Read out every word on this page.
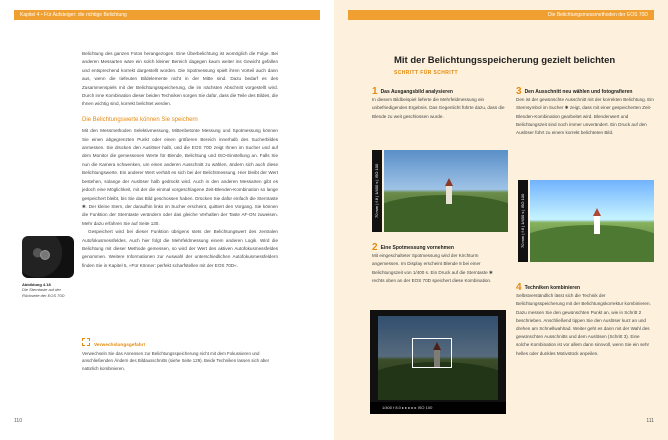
Kapitel 4 • Für Aufsteiger: die richtige Belichtung

Belichtung des ganzen Fotos herangezogen. Eine Überbelichtung ist womöglich die Folge. Bei anderen Messarten wäre ein solch kleiner Bereich dagegen kaum weiter ins Gewicht gefallen und entsprechend korrekt dargestellt worden. Die Spotmessung spielt ihren Vorteil auch dann aus, wenn die tiefeuten Bildelemente nicht in der Mitte sind. Dazu bedarf es des Zusammenspiels mit der Belichtungsspeicherung, die im nächsten Abschnitt vorgestellt wird. Durch inne Kombination dieser beiden Techniken sorgen Sie dafür, dass die Teile des Bildes, die Ihnen wichtig sind, korrekt belichtet werden.

Die Belichtungswerte können Sie speichern

Mit den Messmethoden Selektivmessung, Mittenbetonte Messung und Spotmessung können Sie einen abgegrenzten Punkt oder einen größeren Bereich innerhalb des Sucherbildes anmessen. Sie drücken den Auslöser halb, und die EOS 70D zeigt Ihnen im Sucher und auf dem Monitor die gemessenen Werte für Blende, Belichtung und ISO-Einstellung an. Falls Sie nun die Kamera schwenken, um einen anderen Ausschnitt zu wählen, ändern sich auch diese Belichtungswerte. Ein anderer Wert verhält es sich bei der Belichtmessung. Hier bleibt der Wert bestehen, solange der Auslöser halb gedrückt wird. Auch in den anderen Messarten gibt es jedoch eine Möglichkeit, mit der die einmal vorgeschlagene Zeit-Blenden-Kombination so lange gespeichert bleibt, bis Sie das Bild geschossen haben. Drücken Sie dafür einfach die Sterntaste ✱. Der kleine Stern, der daraufhin links im Sucher erscheint, quittiert den Vorgang. Sie können die Funktion der Sterntaste verändern oder das gleiche Verhalten der Taste AF-ON zuweisen. Mehr dazu erfahren Sie auf Seite 130.

Gespeichert wird bei dieser Funktion übrigens stets der Belichtungswert des zentralen Autofokusmessfeldes. Auch hier folgt die Mehrfeldmessung einem anderen Logik. Wird die Belichtung mit dieser Methode gemessen, so wird der Wert des aktiven Autofokusmessfeldes genommen. Weitere Informationen zur Auswahl der unterschiedlichen Autofokusmessfeldern finden Sie in Kapitel 5, »Für Könner: perfekt scharfstellen mit der EOS 70D«.

Abbildung 4.18
Die Sterntaste auf der Rückseite der EOS 70D
Verwechslungsgefahr!
Verwechseln Sie das Annessen zur Belichtungsspeicherung nicht mit dem Fokussieren und anschließenden Ändern des Bildausschnitts (siehe Seite 129). Beide Techniken lassen sich aber natürlich kombinieren.
110
Die Belichtungsmessmethoden der EOS 70D
Mit der Belichtungsspeicherung gezielt belichten
SCHRITT FÜR SCHRITT
1 Das Ausgangsbild analysieren
In diesem Bildbeispiel lieferte die Mehrfeldmessung ein unbefriedigendes Ergebnis. Das Gegenlicht führte dazu, dass die Blende zu weit geschlossen wurde.
70 mm | f 8 | 1/400 s | ISO 100
2 Eine Spotmessung vornehmen
Mit eingeschalteter Spotmessung wird der Kirchturm angemessen. Im Display erscheint Blende 8 bei einer Belichtungszeit von 1/400 s. Ein Druck auf die Sterntaste ✱ rechts oben an der EOS 70D speichert diese Kombination.
1/400 f 8.0 ▸ ▸ ▸ ▸ ▸ ISO 100
3 Den Ausschnitt neu wählen und fotografieren
Den ist der gewünschte Ausschnitt mit der korrekten Belichtung. Ein Sternsymbol im Sucher ✱ zeigt, dass mit einer gespeicherten Zeit-Blenden-Kombination gearbeitet wird. Blendenwert und Belichtungszeit sind noch immer unverändert. Ein Druck auf den Auslöser führt zu einem korrekt belichteten Bild.
70 mm | f 8 | 1/400 s | ISO 100
4 Techniken kombinieren
Selbstverständlich lässt sich die Technik der Belichtungsspeicherung mit der Belichtungskorrektur kombinieren. Dazu messen Sie den gewünschten Punkt an, wie in Schritt 2 beschrieben. Anschließend tippen Sie den Auslöser kurz an und drehen am Schnellwahlrad. Weiter geht es dann mit der Wahl des gewünschten Ausschnitts und dem Auslösen (Schritt 3). Eine solche Kombination ist vor allem dann sinnvoll, wenn Sie ein sehr helles oder dunkles Motivstück anpeilen.
111
